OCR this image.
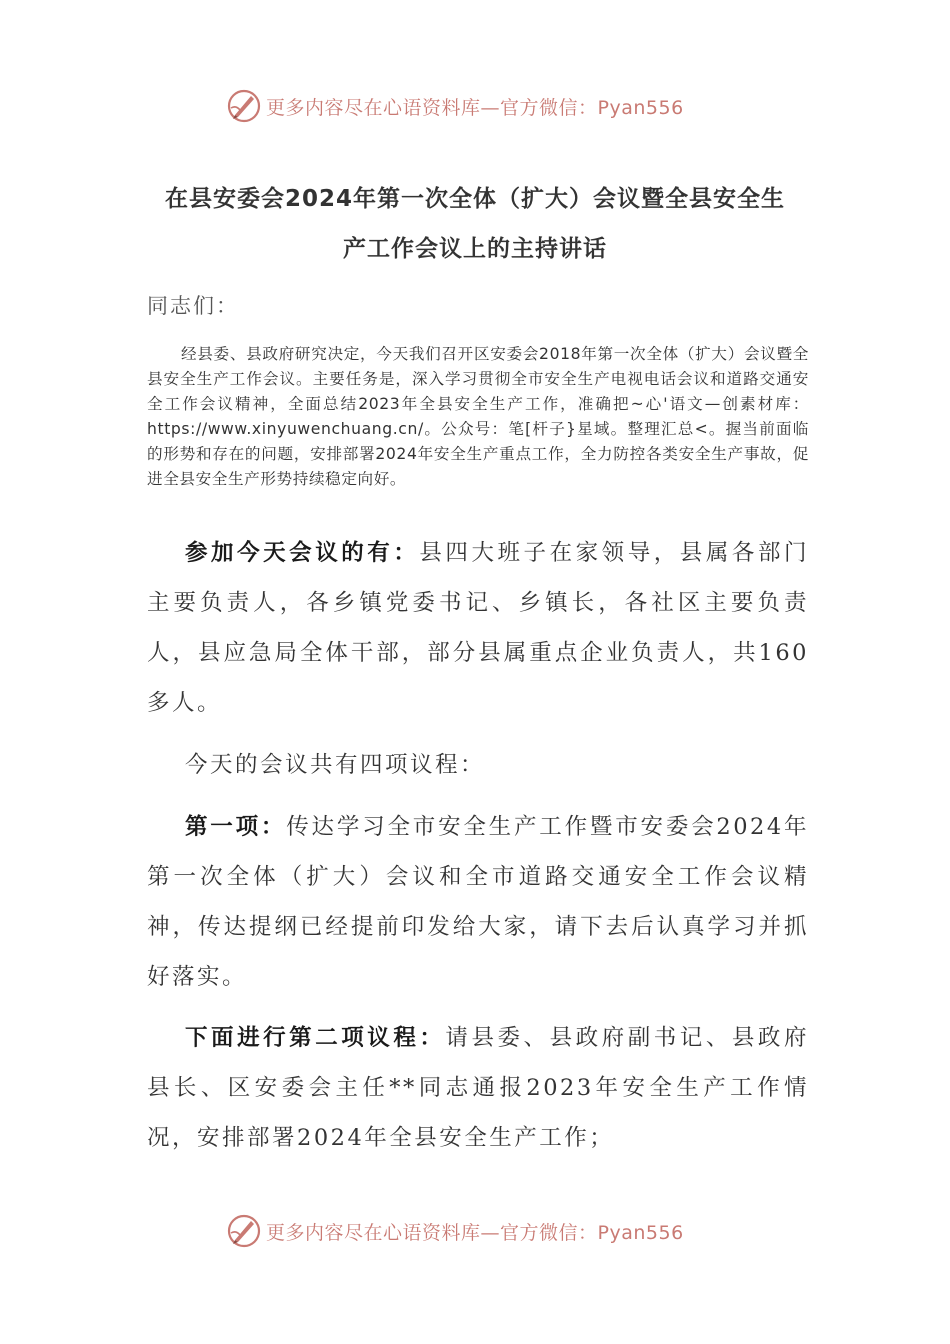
更多内容尽在心语资料库—官方微信：Pyan556
在县安委会2024年第一次全体（扩大）会议暨全县安全生
产工作会议上的主持讲话
同志们：
经县委、县政府研究决定，今天我们召开区安委会2018年第一次全体（扩大）会议暨全县安全生产工作会议。主要任务是，深入学习贯彻全市安全生产电视电话会议和道路交通安全工作会议精神，全面总结2023年全县安全生产工作，准确把~心'语文—创素材库：https://www.xinyuwenchuang.cn/。公众号：笔[杆子}星域。整理汇总<。握当前面临的形势和存在的问题，安排部署2024年安全生产重点工作，全力防控各类安全生产事故，促进全县安全生产形势持续稳定向好。
参加今天会议的有：县四大班子在家领导，县属各部门主要负责人，各乡镇党委书记、乡镇长，各社区主要负责人，县应急局全体干部，部分县属重点企业负责人，共160多人。
今天的会议共有四项议程：
第一项：传达学习全市安全生产工作暨市安委会2024年第一次全体（扩大）会议和全市道路交通安全工作会议精神，传达提纲已经提前印发给大家，请下去后认真学习并抓好落实。
下面进行第二项议程：请县委、县政府副书记、县政府县长、区安委会主任**同志通报2023年安全生产工作情况，安排部署2024年全县安全生产工作；
更多内容尽在心语资料库—官方微信：Pyan556
